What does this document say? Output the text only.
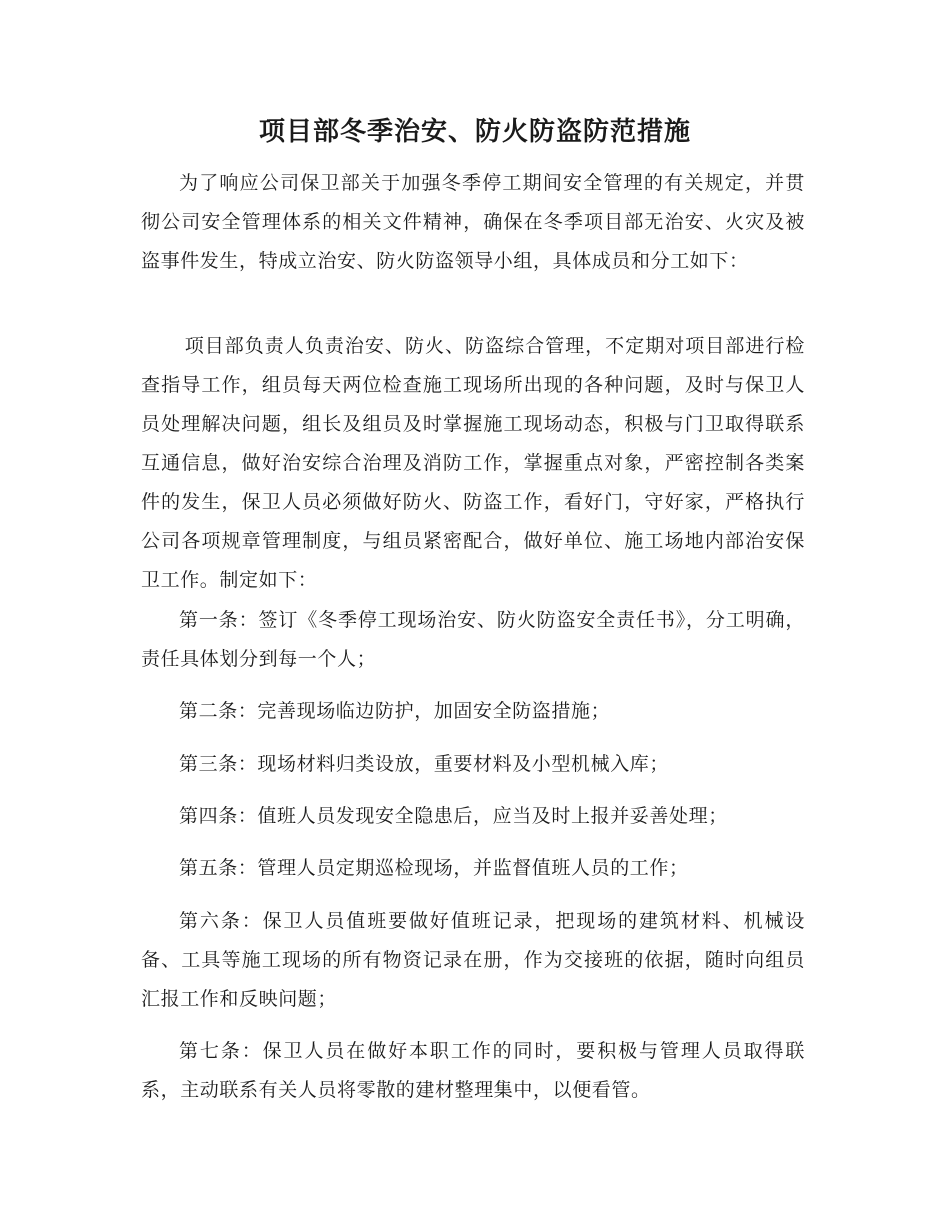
项目部冬季治安、防火防盗防范措施

为了响应公司保卫部关于加强冬季停工期间安全管理的有关规定，并贯彻公司安全管理体系的相关文件精神，确保在冬季项目部无治安、火灾及被盗事件发生，特成立治安、防火防盗领导小组，具体成员和分工如下：

项目部负责人负责治安、防火、防盗综合管理，不定期对项目部进行检查指导工作，组员每天两位检查施工现场所出现的各种问题，及时与保卫人员处理解决问题，组长及组员及时掌握施工现场动态，积极与门卫取得联系互通信息，做好治安综合治理及消防工作，掌握重点对象，严密控制各类案件的发生，保卫人员必须做好防火、防盗工作，看好门，守好家，严格执行公司各项规章管理制度，与组员紧密配合，做好单位、施工场地内部治安保卫工作。制定如下：

第一条：签订《冬季停工现场治安、防火防盗安全责任书》，分工明确，责任具体划分到每一个人；

第二条：完善现场临边防护，加固安全防盗措施；

第三条：现场材料归类设放，重要材料及小型机械入库；

第四条：值班人员发现安全隐患后，应当及时上报并妥善处理；

第五条：管理人员定期巡检现场，并监督值班人员的工作；

第六条：保卫人员值班要做好值班记录，把现场的建筑材料、机械设备、工具等施工现场的所有物资记录在册，作为交接班的依据，随时向组员汇报工作和反映问题；

第七条：保卫人员在做好本职工作的同时，要积极与管理人员取得联系，主动联系有关人员将零散的建材整理集中，以便看管。
